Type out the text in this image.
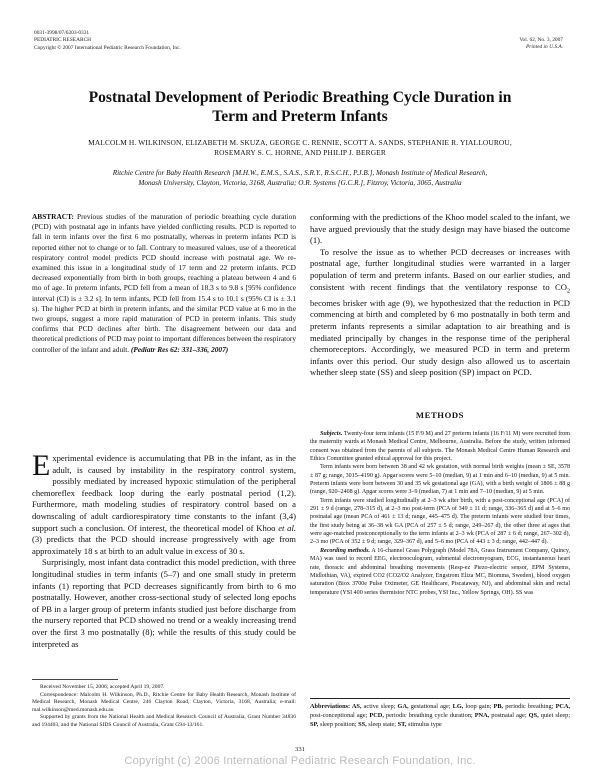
0031-3998/07/6203-0331
PEDIATRIC RESEARCH
Copyright © 2007 International Pediatric Research Foundation, Inc.
Vol. 62, No. 3, 2007
Printed in U.S.A.
Postnatal Development of Periodic Breathing Cycle Duration in
Term and Preterm Infants
MALCOLM H. WILKINSON, ELIZABETH M. SKUZA, GEORGE C. RENNIE, SCOTT A. SANDS, STEPHANIE R. YIALLOUROU,
ROSEMARY S. C. HORNE, AND PHILIP J. BERGER
Ritchie Centre for Baby Health Research [M.H.W., E.M.S., S.A.S., S.R.Y., R.S.C.H., P.J.B.], Monash Institute of Medical Research,
Monash University, Clayton, Victoria, 3168, Australia; O.R. Systems [G.C.R.], Fitzroy, Victoria, 3065, Australia
ABSTRACT: Previous studies of the maturation of periodic breathing cycle duration (PCD) with postnatal age in infants have yielded conflicting results. PCD is reported to fall in term infants over the first 6 mo postnatally, whereas in preterm infants PCD is reported either not to change or to fall. Contrary to measured values, use of a theoretical respiratory control model predicts PCD should increase with postnatal age. We re-examined this issue in a longitudinal study of 17 term and 22 preterm infants. PCD decreased exponentially from birth in both groups, reaching a plateau between 4 and 6 mo of age. In preterm infants, PCD fell from a mean of 18.3 s to 9.8 s [95% confidence interval (CI) is ± 3.2 s]. In term infants, PCD fell from 15.4 s to 10.1 s (95% CI is ± 3.1 s). The higher PCD at birth in preterm infants, and the similar PCD value at 6 mo in the two groups, suggest a more rapid maturation of PCD in preterm infants. This study confirms that PCD declines after birth. The disagreement between our data and theoretical predictions of PCD may point to important differences between the respiratory controller of the infant and adult. (Pediatr Res 62: 331–336, 2007)

Experimental evidence is accumulating that PB in the infant, as in the adult, is caused by instability in the respiratory control system, possibly mediated by increased hypoxic stimulation of the peripheral chemoreflex feedback loop during the early postnatal period (1,2). Furthermore, math modeling studies of respiratory control based on a downscaling of adult cardiorespiratory time constants to the infant (3,4) support such a conclusion. Of interest, the theoretical model of Khoo et al. (3) predicts that the PCD should increase progressively with age from approximately 18 s at birth to an adult value in excess of 30 s.

Surprisingly, most infant data contradict this model prediction, with three longitudinal studies in term infants (5–7) and one small study in preterm infants (1) reporting that PCD decreases significantly from birth to 6 mo postnatally. However, another cross-sectional study of selected long epochs of PB in a larger group of preterm infants studied just before discharge from the nursery reported that PCD showed no trend or a weakly increasing trend over the first 3 mo postnatally (8); while the results of this study could be interpreted as

conforming with the predictions of the Khoo model scaled to the infant, we have argued previously that the study design may have biased the outcome (1).

To resolve the issue as to whether PCD decreases or increases with postnatal age, further longitudinal studies were warranted in a larger population of term and preterm infants. Based on our earlier studies, and consistent with recent findings that the ventilatory response to $CO_2$ becomes brisker with age (9), we hypothesized that the reduction in PCD commencing at birth and completed by 6 mo postnatally in both term and preterm infants represents a similar adaptation to air breathing and is mediated principally by changes in the response time of the peripheral chemoreceptors. Accordingly, we measured PCD in term and preterm infants over this period. Our study design also allowed us to ascertain whether sleep state (SS) and sleep position (SP) impact on PCD.

METHODS

Subjects. Twenty-four term infants (15 F/9 M) and 27 preterm infants (16 F/11 M) were recruited from the maternity wards at Monash Medical Centre, Melbourne, Australia. Before the study, written informed consent was obtained from the parents of all subjects. The Monash Medical Centre Human Research and Ethics Committee granted ethical approval for this project.

Term infants were born between 38 and 42 wk gestation, with normal birth weights (mean ± SE, 3578 ± 87 g; range, 3015–4190 g). Apgar scores were 5–10 (median, 9) at 1 min and 6–10 (median, 9) at 5 min. Preterm infants were born between 30 and 35 wk gestational age (GA), with a birth weight of 1806 ± 88 g (range, 920–2408 g). Apgar scores were 3–9 (median, 7) at 1 min and 7–10 (median, 9) at 5 min.

Term infants were studied longitudinally at 2–3 wk after birth, with a post-conceptional age (PCA) of 291 ± 9 d (range, 278–315 d), at 2–3 mo post-term (PCA of 349 ± 11 d; range, 336–365 d) and at 5–6 mo postnatal age (mean PCA of 461 ± 13 d; range, 445–475 d). The preterm infants were studied four times, the first study being at 36–38 wk GA (PCA of 257 ± 5 d; range, 249–267 d), the other three at ages that were age-matched postconceptionally to the term infants at 2–3 wk (PCA of 287 ± 6 d; range, 267–302 d), 2–3 mo (PCA of 352 ± 9 d; range, 329–367 d), and 5–6 mo (PCA of 443 ± 3 d; range, 442–447 d).

Recording methods. A 16-channel Grass Polygraph (Model 78A, Grass Instrument Company, Quincy, MA) was used to record EEG, electrooculogram, submental electromyogram, ECG, instantaneous heart rate, thoracic and abdominal breathing movements (Resp-ez Piezo-electric sensor, EPM Systems, Midlothian, VA), expired CO2 (CO2/O2 Analyzer, Engstrom Eliza MC, Biomma, Sweden), blood oxygen saturation (Biox 3700e Pulse Oximeter, GE Healthcare, Piscataway, NJ), and abdominal skin and rectal temperature (YSI 400 series thermistor NTC probes, YSI Inc., Yellow Springs, OH). SS was

Received November 15, 2006; accepted April 19, 2007.

Correspondence: Malcolm H. Wilkinson, Ph.D., Ritchie Centre for Baby Health Research, Monash Institute of Medical Research, Monash Medical Centre, 246 Clayton Road, Clayton, Victoria, 3168, Australia; e-mail: mal.wilkinson@med.monash.edu.au

Supported by grants from the National Health and Medical Research Council of Australia, Grant Number 34836 and 194403, and the National SIDS Council of Australia, Grant G94-13/161.

Abbreviations: AS, active sleep; GA, gestational age; LG, loop gain; PB, periodic breathing; PCA, post-conceptional age; PCD, periodic breathing cycle duration; PNA, postnatal age; QS, quiet sleep; SP, sleep position; SS, sleep state; ST, stimulus type
331
Copyright (c) 2006 International Pediatric Research Foundation, Inc.
